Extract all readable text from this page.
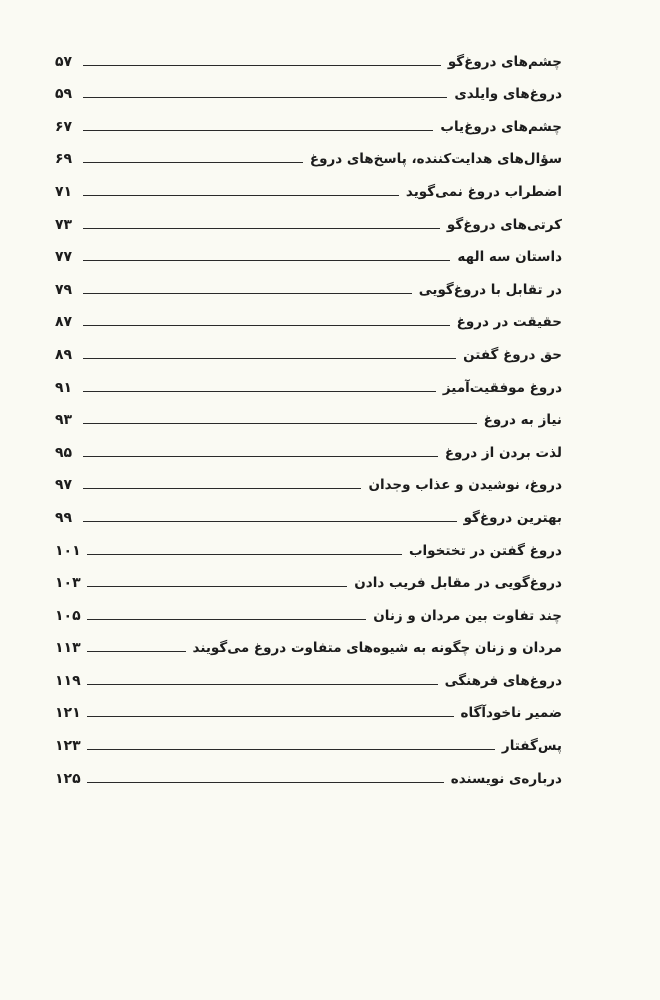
چشم‌های دروغ‌گو
۵۷
دروغ‌های وایلدی
۵۹
چشم‌های دروغ‌یاب
۶۷
سؤال‌های هدایت‌کننده، پاسخ‌های دروغ
۶۹
اضطراب دروغ نمی‌گوید
۷۱
کرتی‌های دروغ‌گو
۷۳
داستان سه الهه
۷۷
در تقابل با دروغ‌گویی
۷۹
حقیقت در دروغ
۸۷
حق دروغ گفتن
۸۹
دروغ موفقیت‌آمیز
۹۱
نیاز به دروغ
۹۳
لذت بردن از دروغ
۹۵
دروغ، نوشیدن و عذاب وجدان
۹۷
بهترین دروغ‌گو
۹۹
دروغ گفتن در تختخواب
۱۰۱
دروغ‌گویی در مقابل فریب دادن
۱۰۳
چند تفاوت بین مردان و زنان
۱۰۵
مردان و زنان چگونه به شیوه‌های متفاوت دروغ می‌گویند
۱۱۳
دروغ‌های فرهنگی
۱۱۹
ضمیر ناخودآگاه
۱۲۱
پس‌گفتار
۱۲۳
درباره‌ی نویسنده
۱۲۵
